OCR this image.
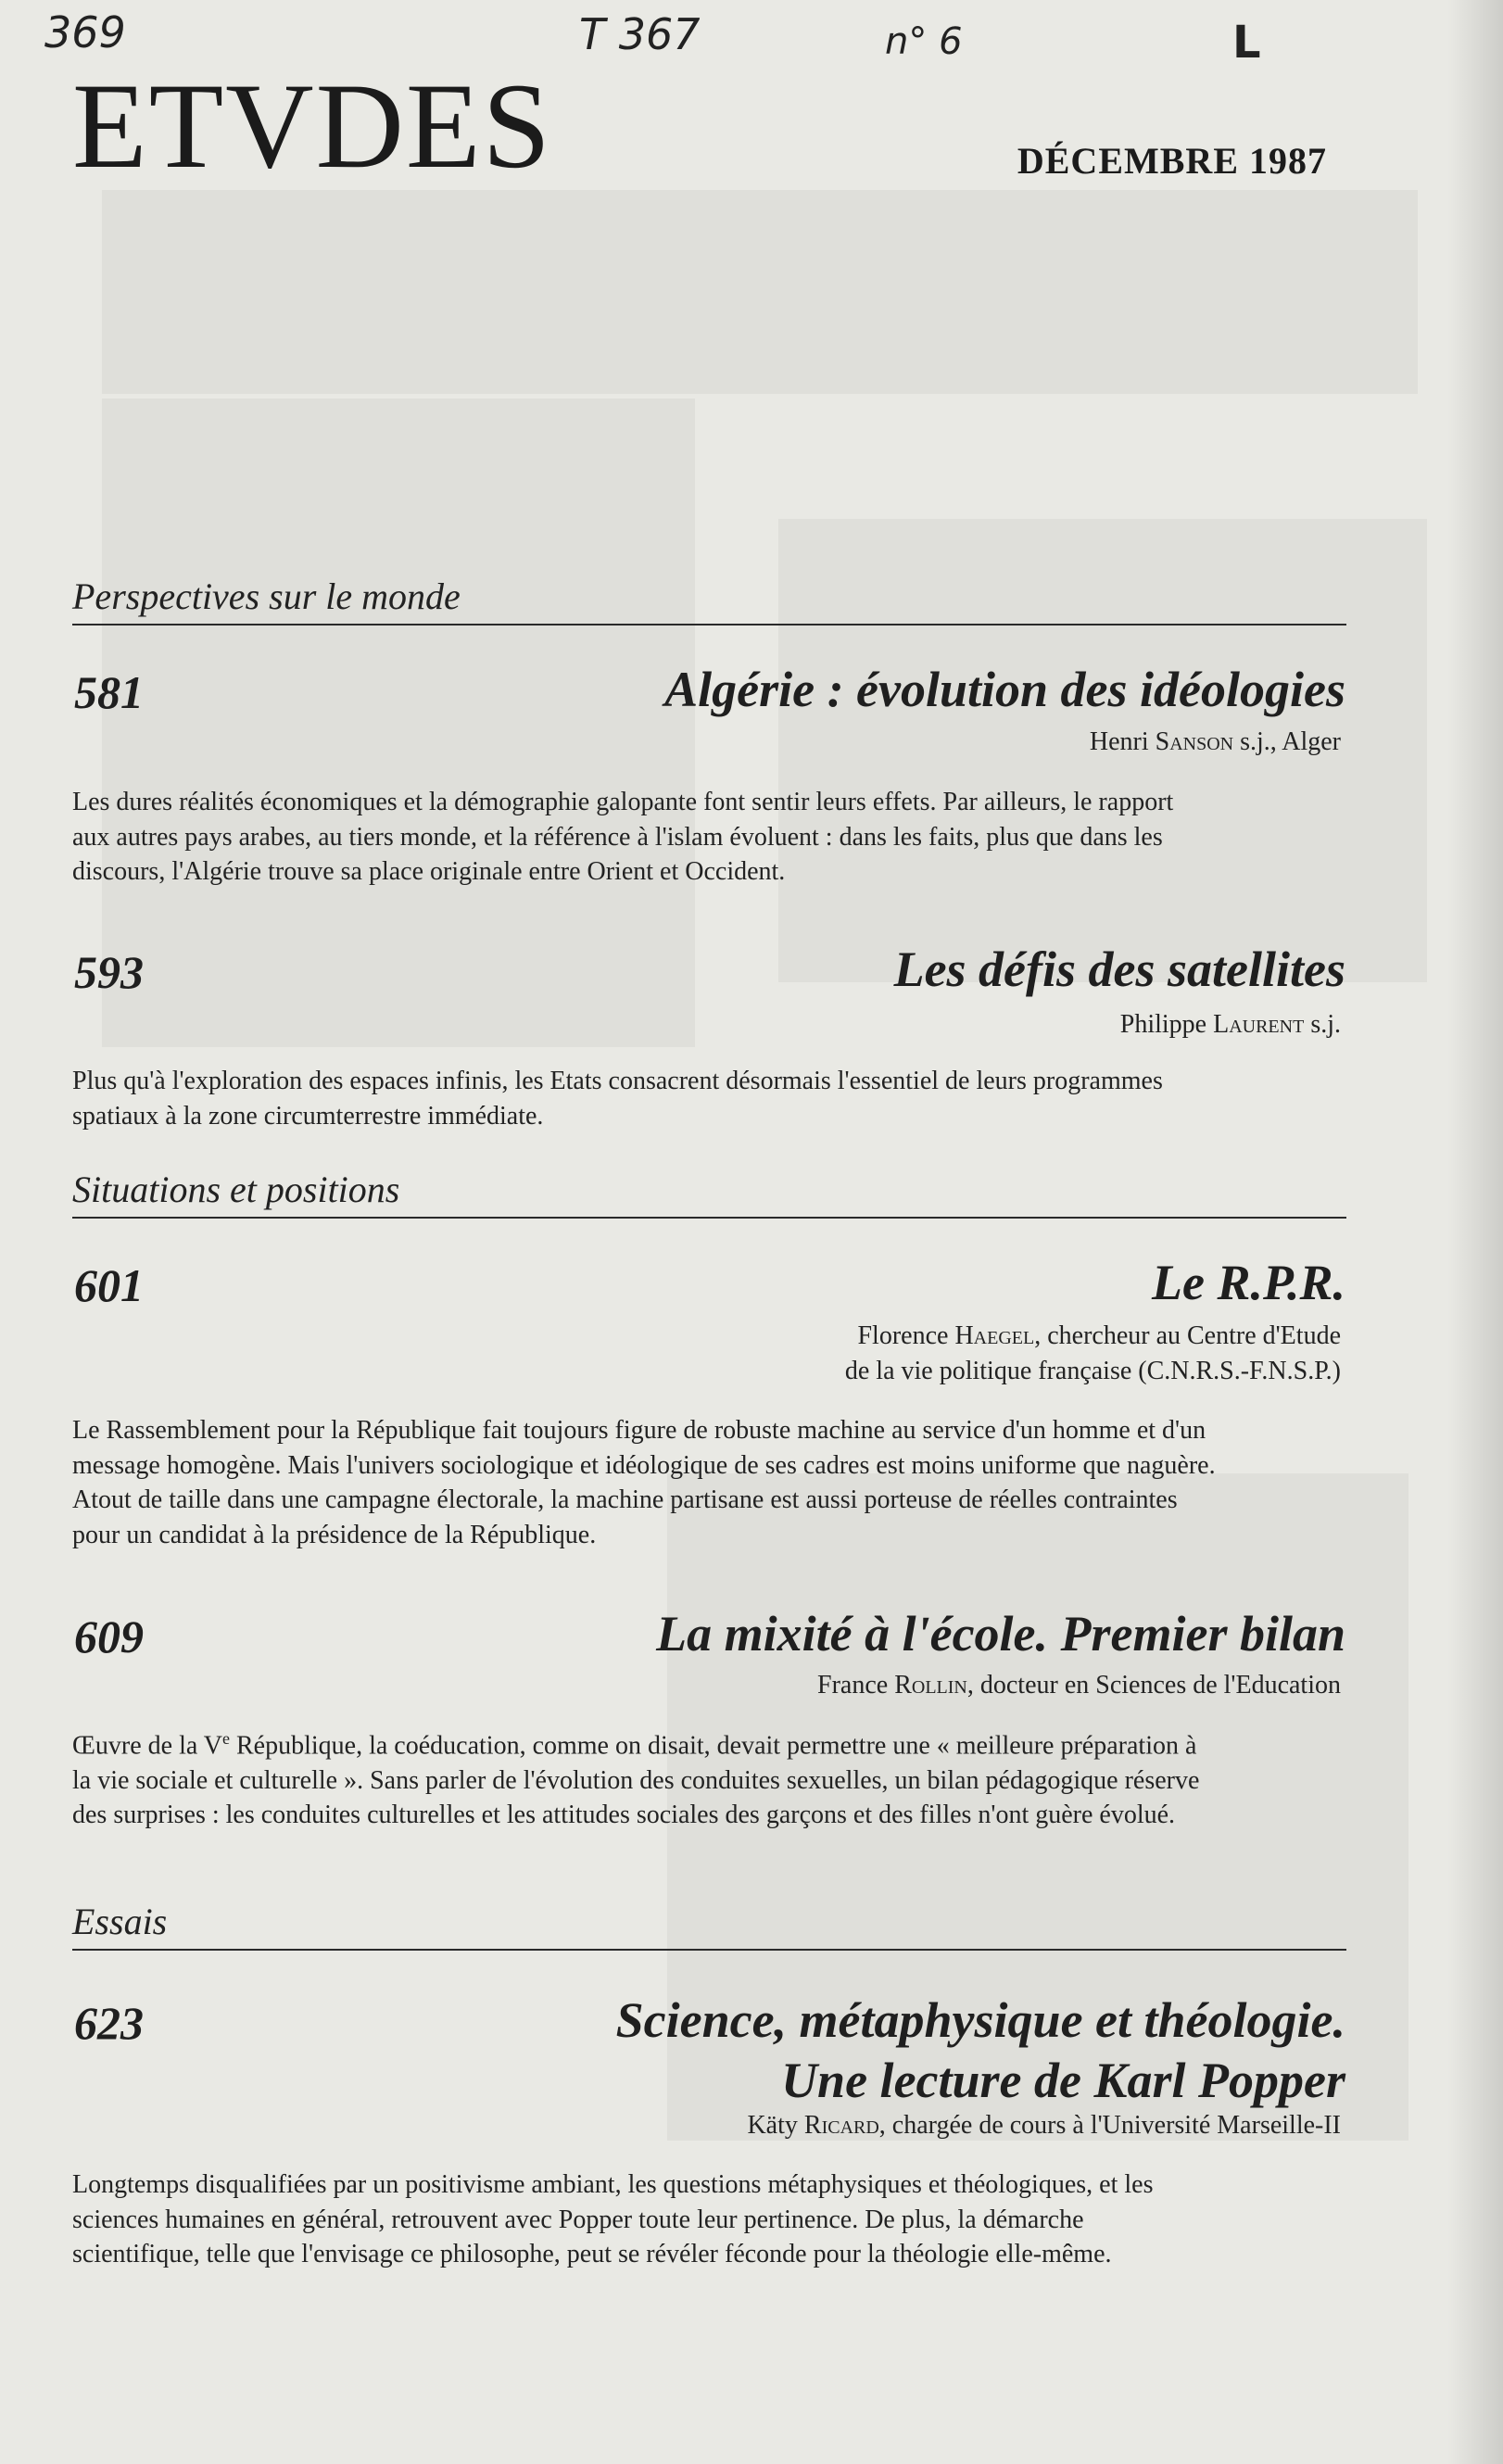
369	T 367	n° 6	L
ETVDES	DÉCEMBRE 1987
Perspectives sur le monde
581	Algérie : évolution des idéologies
Henri Sanson s.j., Alger
Les dures réalités économiques et la démographie galopante font sentir leurs effets. Par ailleurs, le rapport aux autres pays arabes, au tiers monde, et la référence à l'islam évoluent : dans les faits, plus que dans les discours, l'Algérie trouve sa place originale entre Orient et Occident.
593	Les défis des satellites
Philippe Laurent s.j.
Plus qu'à l'exploration des espaces infinis, les Etats consacrent désormais l'essentiel de leurs programmes spatiaux à la zone circumterrestre immédiate.
Situations et positions
601	Le R.P.R.
Florence Haegel, chercheur au Centre d'Etude
de la vie politique française (C.N.R.S.-F.N.S.P.)
Le Rassemblement pour la République fait toujours figure de robuste machine au service d'un homme et d'un message homogène. Mais l'univers sociologique et idéologique de ses cadres est moins uniforme que naguère. Atout de taille dans une campagne électorale, la machine partisane est aussi porteuse de réelles contraintes pour un candidat à la présidence de la République.
609	La mixité à l'école. Premier bilan
France Rollin, docteur en Sciences de l'Education
Œuvre de la Ve République, la coéducation, comme on disait, devait permettre une « meilleure préparation à la vie sociale et culturelle ». Sans parler de l'évolution des conduites sexuelles, un bilan pédagogique réserve des surprises : les conduites culturelles et les attitudes sociales des garçons et des filles n'ont guère évolué.
Essais
623	Science, métaphysique et théologie.
Une lecture de Karl Popper
Käty Ricard, chargée de cours à l'Université Marseille-II
Longtemps disqualifiées par un positivisme ambiant, les questions métaphysiques et théologiques, et les sciences humaines en général, retrouvent avec Popper toute leur pertinence. De plus, la démarche scientifique, telle que l'envisage ce philosophe, peut se révéler féconde pour la théologie elle-même.
